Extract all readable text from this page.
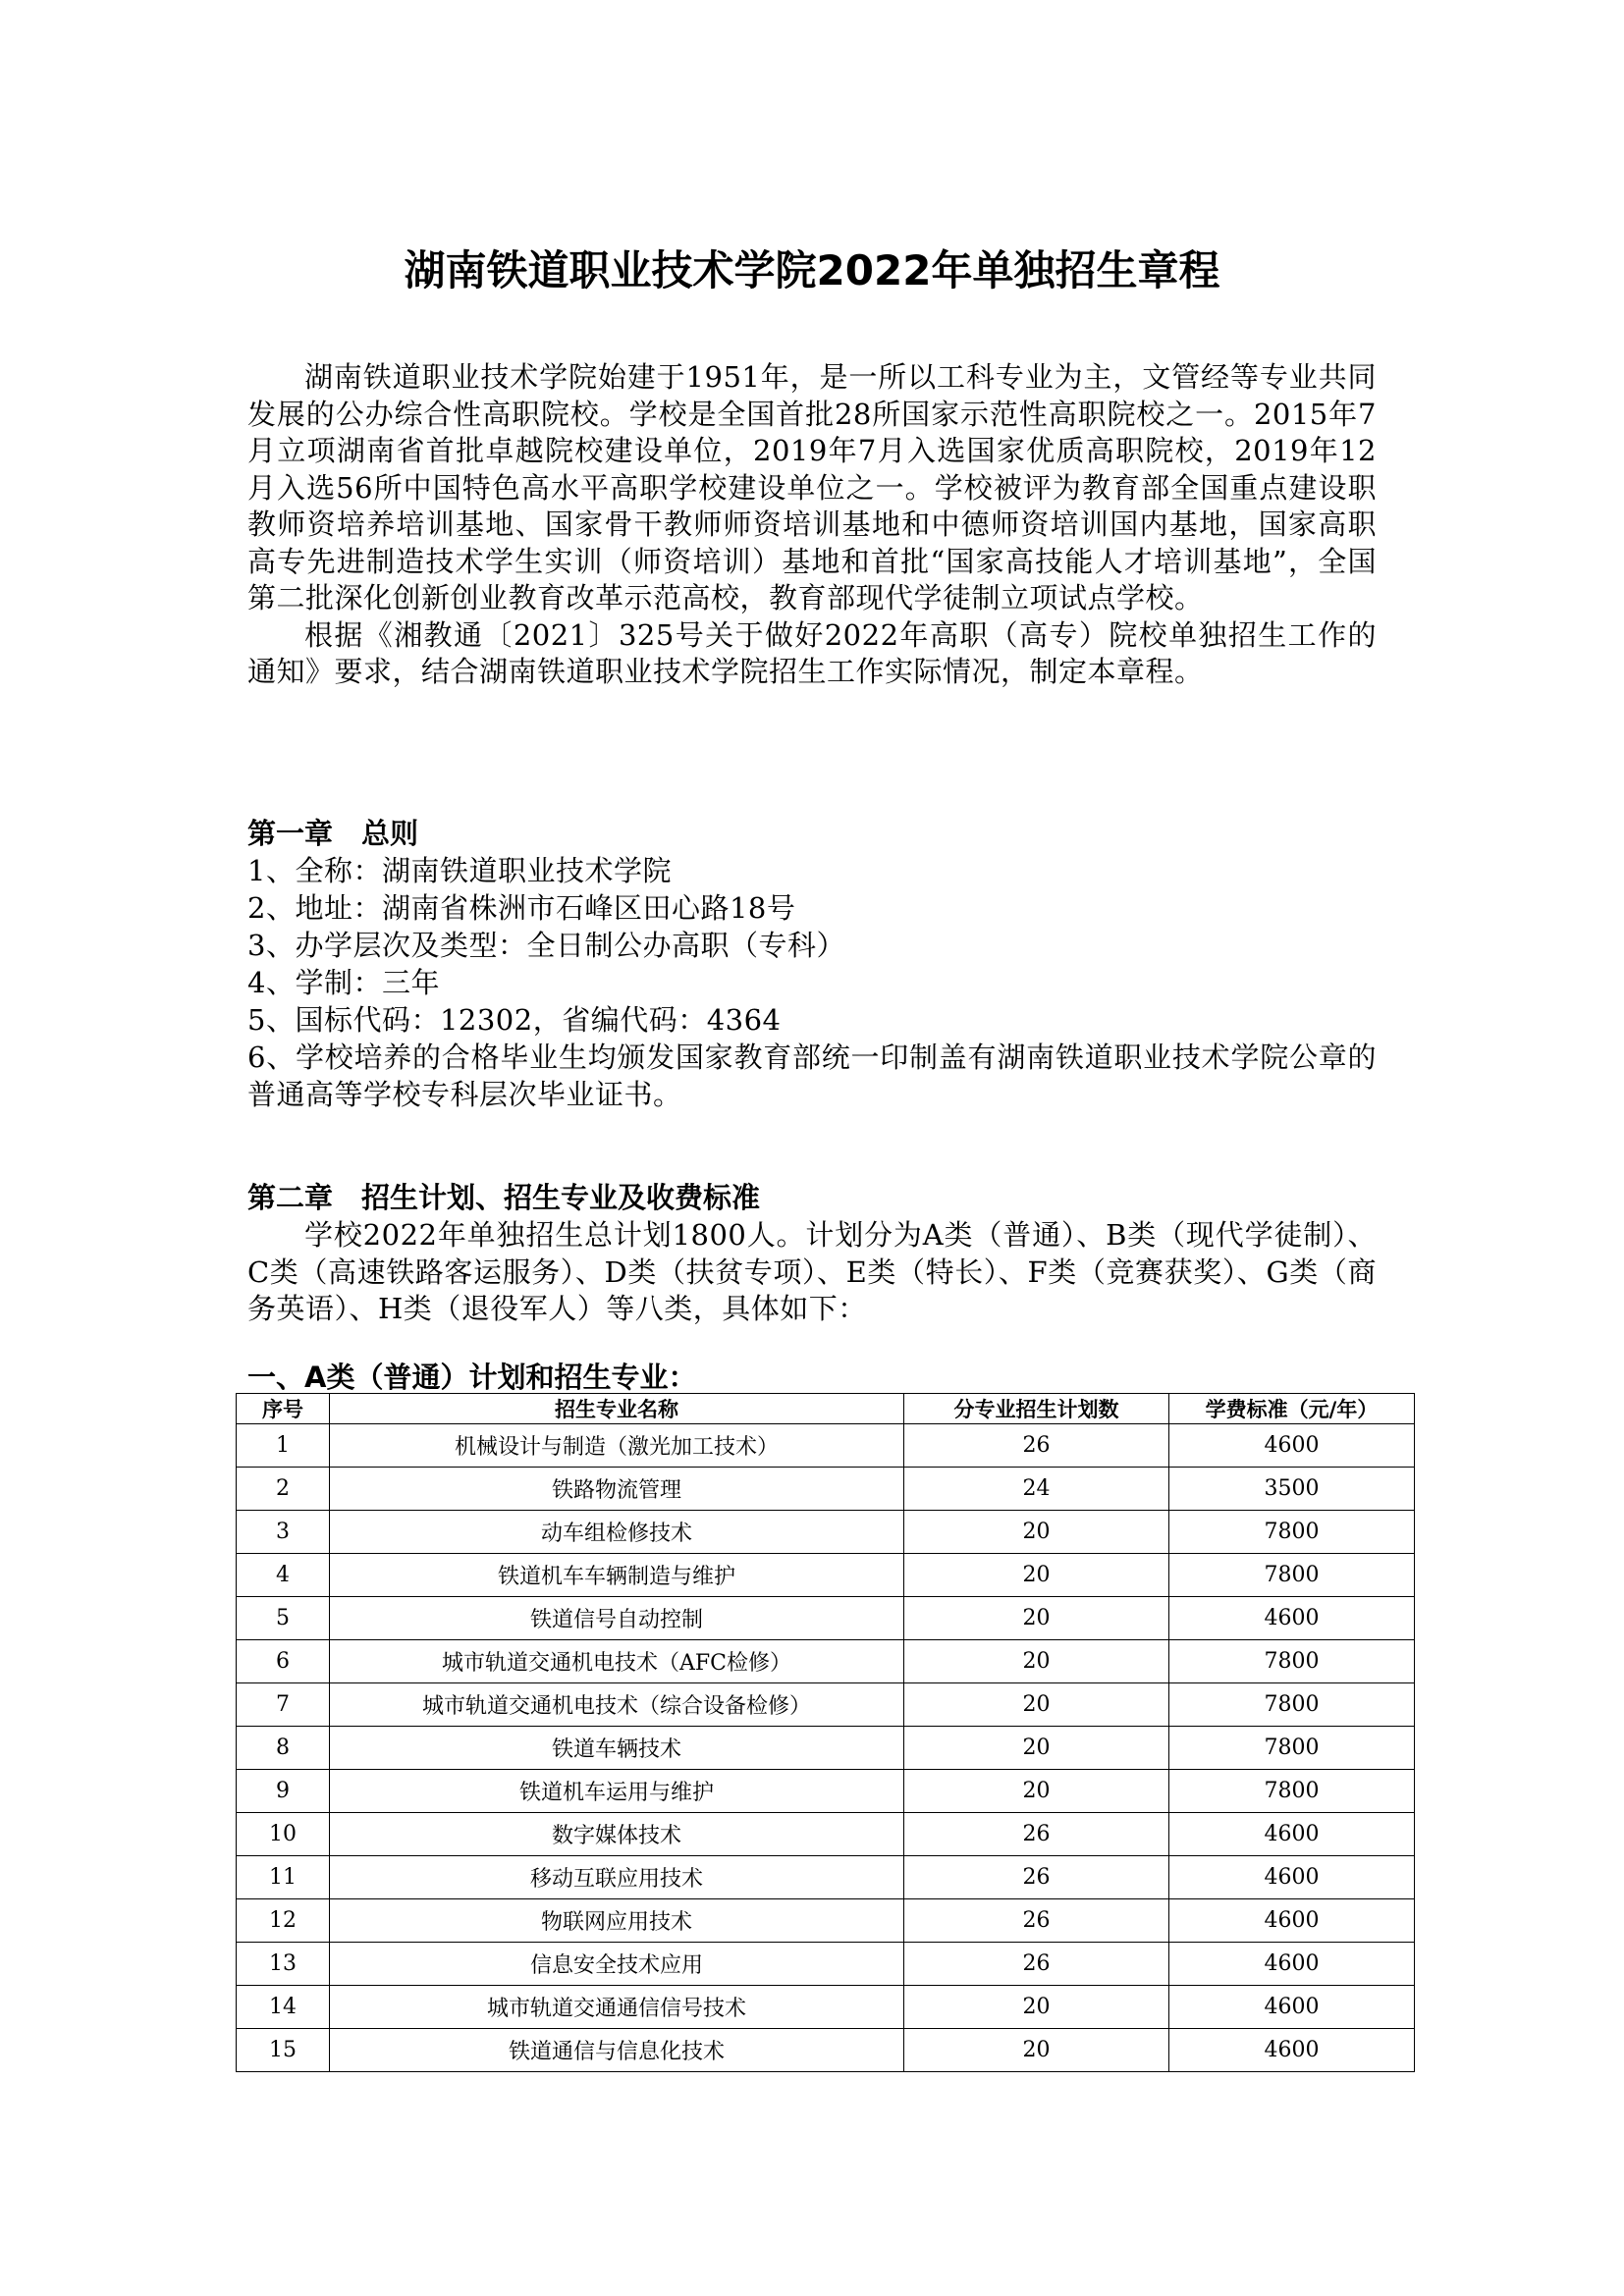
湖南铁道职业技术学院2022年单独招生章程

湖南铁道职业技术学院始建于1951年，是一所以工科专业为主，文管经等专业共同发展的公办综合性高职院校。学校是全国首批28所国家示范性高职院校之一。2015年7月立项湖南省首批卓越院校建设单位，2019年7月入选国家优质高职院校，2019年12月入选56所中国特色高水平高职学校建设单位之一。学校被评为教育部全国重点建设职教师资培养培训基地、国家骨干教师师资培训基地和中德师资培训国内基地，国家高职高专先进制造技术学生实训（师资培训）基地和首批“国家高技能人才培训基地”，全国第二批深化创新创业教育改革示范高校，教育部现代学徒制立项试点学校。

根据《湘教通〔2021〕325号关于做好2022年高职（高专）院校单独招生工作的通知》要求，结合湖南铁道职业技术学院招生工作实际情况，制定本章程。

第一章　总则

1、全称：湖南铁道职业技术学院

2、地址：湖南省株洲市石峰区田心路18号

3、办学层次及类型：全日制公办高职（专科）

4、学制：三年

5、国标代码：12302，省编代码：4364

6、学校培养的合格毕业生均颁发国家教育部统一印制盖有湖南铁道职业技术学院公章的普通高等学校专科层次毕业证书。

第二章　招生计划、招生专业及收费标准

学校2022年单独招生总计划1800人。计划分为A类（普通）、B类（现代学徒制）、C类（高速铁路客运服务）、D类（扶贫专项）、E类（特长）、F类（竞赛获奖）、G类（商务英语）、H类（退役军人）等八类，具体如下：

一、A类（普通）计划和招生专业：
序号	招生专业名称	分专业招生计划数	学费标准（元/年）
1	机械设计与制造（激光加工技术）	26	4600
2	铁路物流管理	24	3500
3	动车组检修技术	20	7800
4	铁道机车车辆制造与维护	20	7800
5	铁道信号自动控制	20	4600
6	城市轨道交通机电技术（AFC检修）	20	7800
7	城市轨道交通机电技术（综合设备检修）	20	7800
8	铁道车辆技术	20	7800
9	铁道机车运用与维护	20	7800
10	数字媒体技术	26	4600
11	移动互联应用技术	26	4600
12	物联网应用技术	26	4600
13	信息安全技术应用	26	4600
14	城市轨道交通通信信号技术	20	4600
15	铁道通信与信息化技术	20	4600
